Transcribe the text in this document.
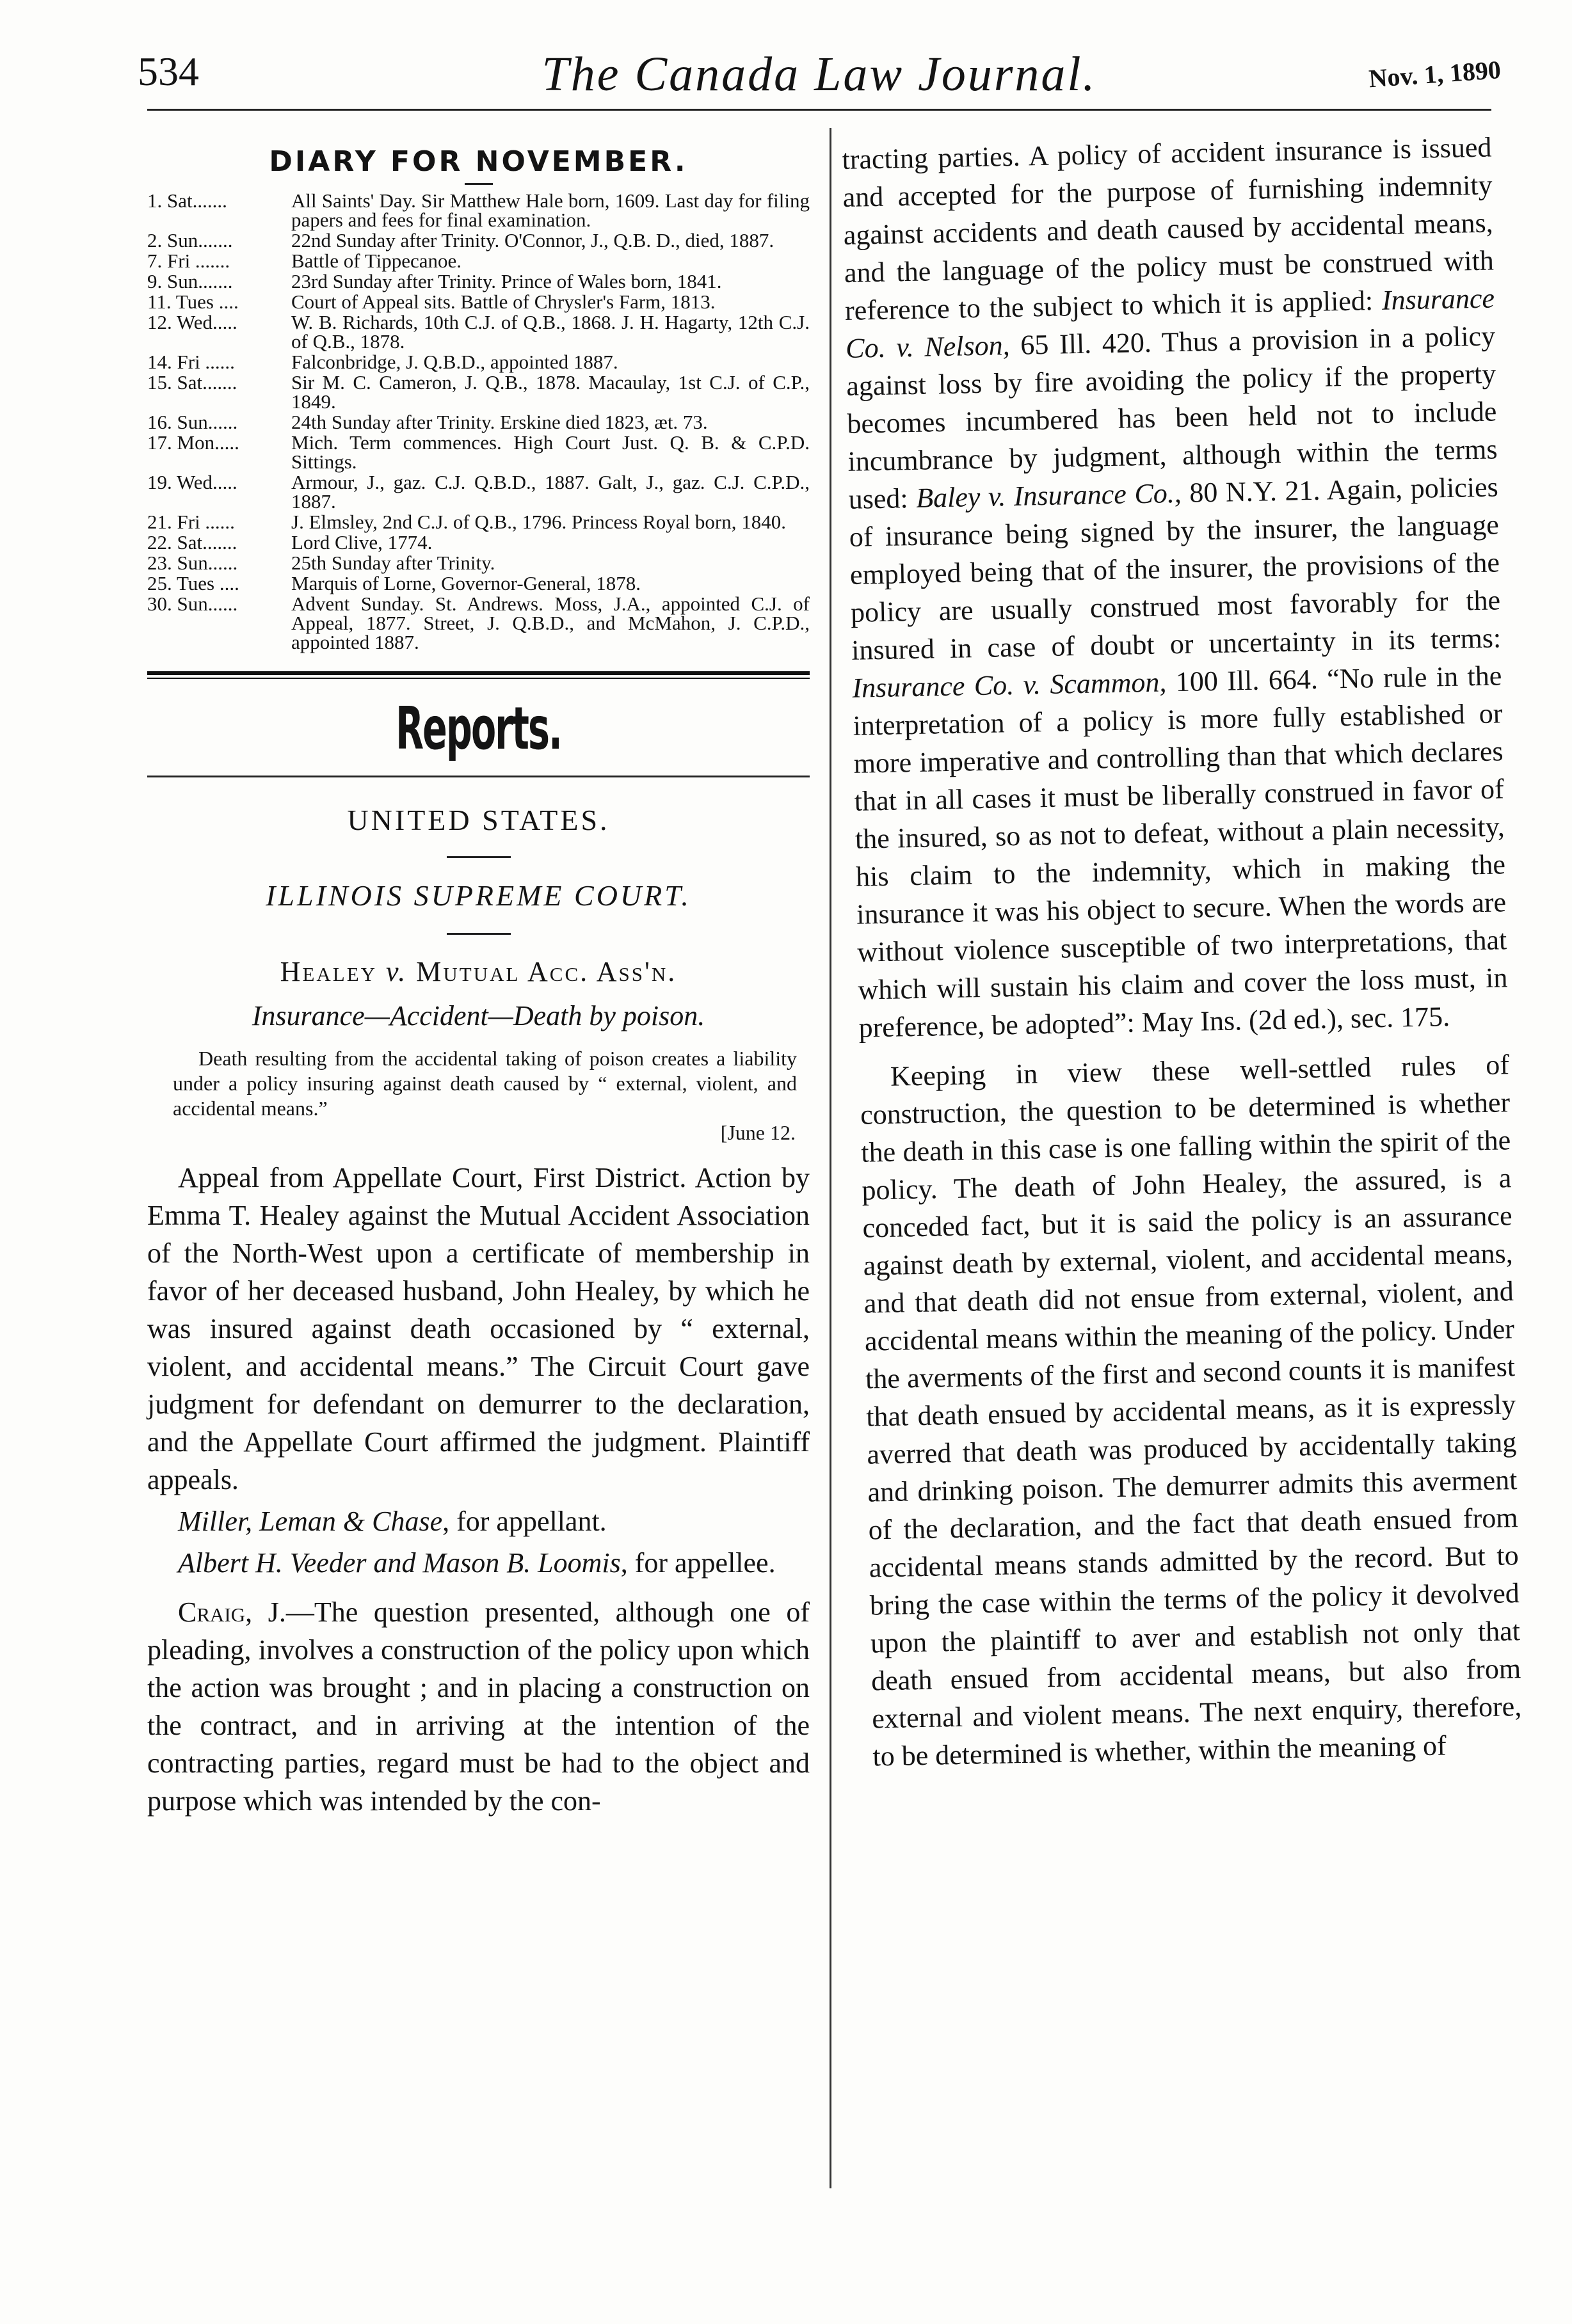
534	The Canada Law Journal.	Nov. 1, 1890
DIARY FOR NOVEMBER.
1. Sat.......	All Saints' Day. Sir Matthew Hale born, 1609. Last day for filing papers and fees for final examination.
2. Sun.......	22nd Sunday after Trinity. O'Connor, J., Q.B. D., died, 1887.
7. Fri .......	Battle of Tippecanoe.
9. Sun.......	23rd Sunday after Trinity. Prince of Wales born, 1841.
11. Tues ....	Court of Appeal sits. Battle of Chrysler's Farm, 1813.
12. Wed.....	W. B. Richards, 10th C.J. of Q.B., 1868. J. H. Hagarty, 12th C.J. of Q.B., 1878.
14. Fri ......	Falconbridge, J. Q.B.D., appointed 1887.
15. Sat.......	Sir M. C. Cameron, J. Q.B., 1878. Macaulay, 1st C.J. of C.P., 1849.
16. Sun......	24th Sunday after Trinity. Erskine died 1823, æt. 73.
17. Mon.....	Mich. Term commences. High Court Just. Q. B. & C.P.D. Sittings.
19. Wed.....	Armour, J., gaz. C.J. Q.B.D., 1887. Galt, J., gaz. C.J. C.P.D., 1887.
21. Fri ......	J. Elmsley, 2nd C.J. of Q.B., 1796. Princess Royal born, 1840.
22. Sat.......	Lord Clive, 1774.
23. Sun......	25th Sunday after Trinity.
25. Tues ....	Marquis of Lorne, Governor-General, 1878.
30. Sun......	Advent Sunday. St. Andrews. Moss, J.A., appointed C.J. of Appeal, 1877. Street, J. Q.B.D., and McMahon, J. C.P.D., appointed 1887.
Reports.
UNITED STATES.
ILLINOIS SUPREME COURT.
Healey v. Mutual Acc. Ass'n.
Insurance—Accident—Death by poison.
Death resulting from the accidental taking of poison creates a liability under a policy insuring against death caused by “ external, violent, and accidental means.”
[June 12.

Appeal from Appellate Court, First District. Action by Emma T. Healey against the Mutual Accident Association of the North-West upon a certificate of membership in favor of her deceased husband, John Healey, by which he was insured against death occasioned by “ external, violent, and accidental means.” The Circuit Court gave judgment for defendant on demurrer to the declaration, and the Appellate Court affirmed the judgment. Plaintiff appeals.

Miller, Leman & Chase, for appellant.

Albert H. Veeder and Mason B. Loomis, for appellee.

Craig, J.—The question presented, although one of pleading, involves a construction of the policy upon which the action was brought ; and in placing a construction on the contract, and in arriving at the intention of the contracting parties, regard must be had to the object and purpose which was intended by the con-

tracting parties. A policy of accident insurance is issued and accepted for the purpose of furnishing indemnity against accidents and death caused by accidental means, and the language of the policy must be construed with reference to the subject to which it is applied: Insurance Co. v. Nelson, 65 Ill. 420. Thus a provision in a policy against loss by fire avoiding the policy if the property becomes incumbered has been held not to include incumbrance by judgment, although within the terms used: Baley v. Insurance Co., 80 N.Y. 21. Again, policies of insurance being signed by the insurer, the language employed being that of the insurer, the provisions of the policy are usually construed most favorably for the insured in case of doubt or uncertainty in its terms: Insurance Co. v. Scammon, 100 Ill. 664. “No rule in the interpretation of a policy is more fully established or more imperative and controlling than that which declares that in all cases it must be liberally construed in favor of the insured, so as not to defeat, without a plain necessity, his claim to the indemnity, which in making the insurance it was his object to secure. When the words are without violence susceptible of two interpretations, that which will sustain his claim and cover the loss must, in preference, be adopted”: May Ins. (2d ed.), sec. 175.

Keeping in view these well-settled rules of construction, the question to be determined is whether the death in this case is one falling within the spirit of the policy. The death of John Healey, the assured, is a conceded fact, but it is said the policy is an assurance against death by external, violent, and accidental means, and that death did not ensue from external, violent, and accidental means within the meaning of the policy. Under the averments of the first and second counts it is manifest that death ensued by accidental means, as it is expressly averred that death was produced by accidentally taking and drinking poison. The demurrer admits this averment of the declaration, and the fact that death ensued from accidental means stands admitted by the record. But to bring the case within the terms of the policy it devolved upon the plaintiff to aver and establish not only that death ensued from accidental means, but also from external and violent means. The next enquiry, therefore, to be determined is whether, within the meaning of
